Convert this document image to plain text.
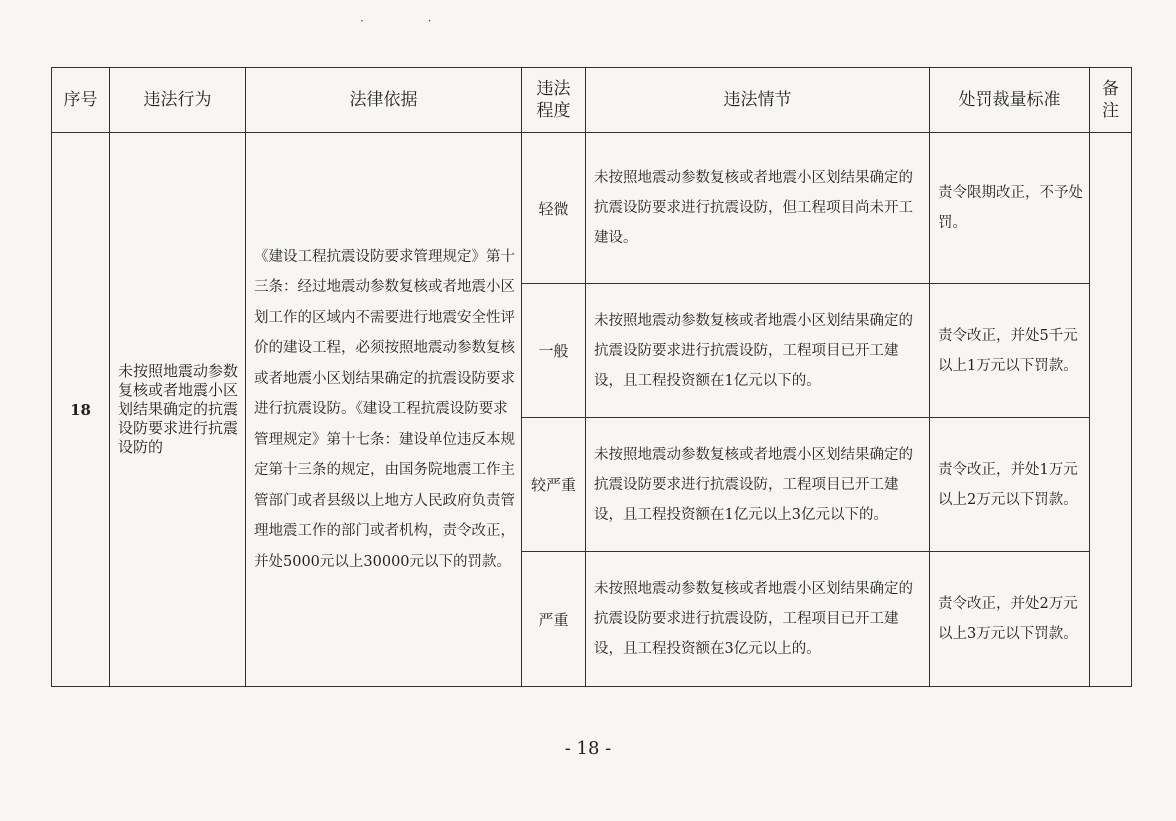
· ·
序号	违法行为	法律依据	违法程度	违法情节	处罚裁量标准	备注
18	未按照地震动参数复核或者地震小区划结果确定的抗震设防要求进行抗震设防的	《建设工程抗震设防要求管理规定》第十三条：经过地震动参数复核或者地震小区划工作的区域内不需要进行地震安全性评价的建设工程，必须按照地震动参数复核或者地震小区划结果确定的抗震设防要求进行抗震设防。《建设工程抗震设防要求管理规定》第十七条：建设单位违反本规定第十三条的规定，由国务院地震工作主管部门或者县级以上地方人民政府负责管理地震工作的部门或者机构，责令改正，并处5000元以上30000元以下的罚款。	轻微	未按照地震动参数复核或者地震小区划结果确定的抗震设防要求进行抗震设防，但工程项目尚未开工建设。	责令限期改正，不予处罚。	
			一般	未按照地震动参数复核或者地震小区划结果确定的抗震设防要求进行抗震设防，工程项目已开工建设，且工程投资额在1亿元以下的。	责令改正，并处5千元以上1万元以下罚款。	
			较严重	未按照地震动参数复核或者地震小区划结果确定的抗震设防要求进行抗震设防，工程项目已开工建设，且工程投资额在1亿元以上3亿元以下的。	责令改正，并处1万元以上2万元以下罚款。	
			严重	未按照地震动参数复核或者地震小区划结果确定的抗震设防要求进行抗震设防，工程项目已开工建设，且工程投资额在3亿元以上的。	责令改正，并处2万元以上3万元以下罚款。	
- 18 -
